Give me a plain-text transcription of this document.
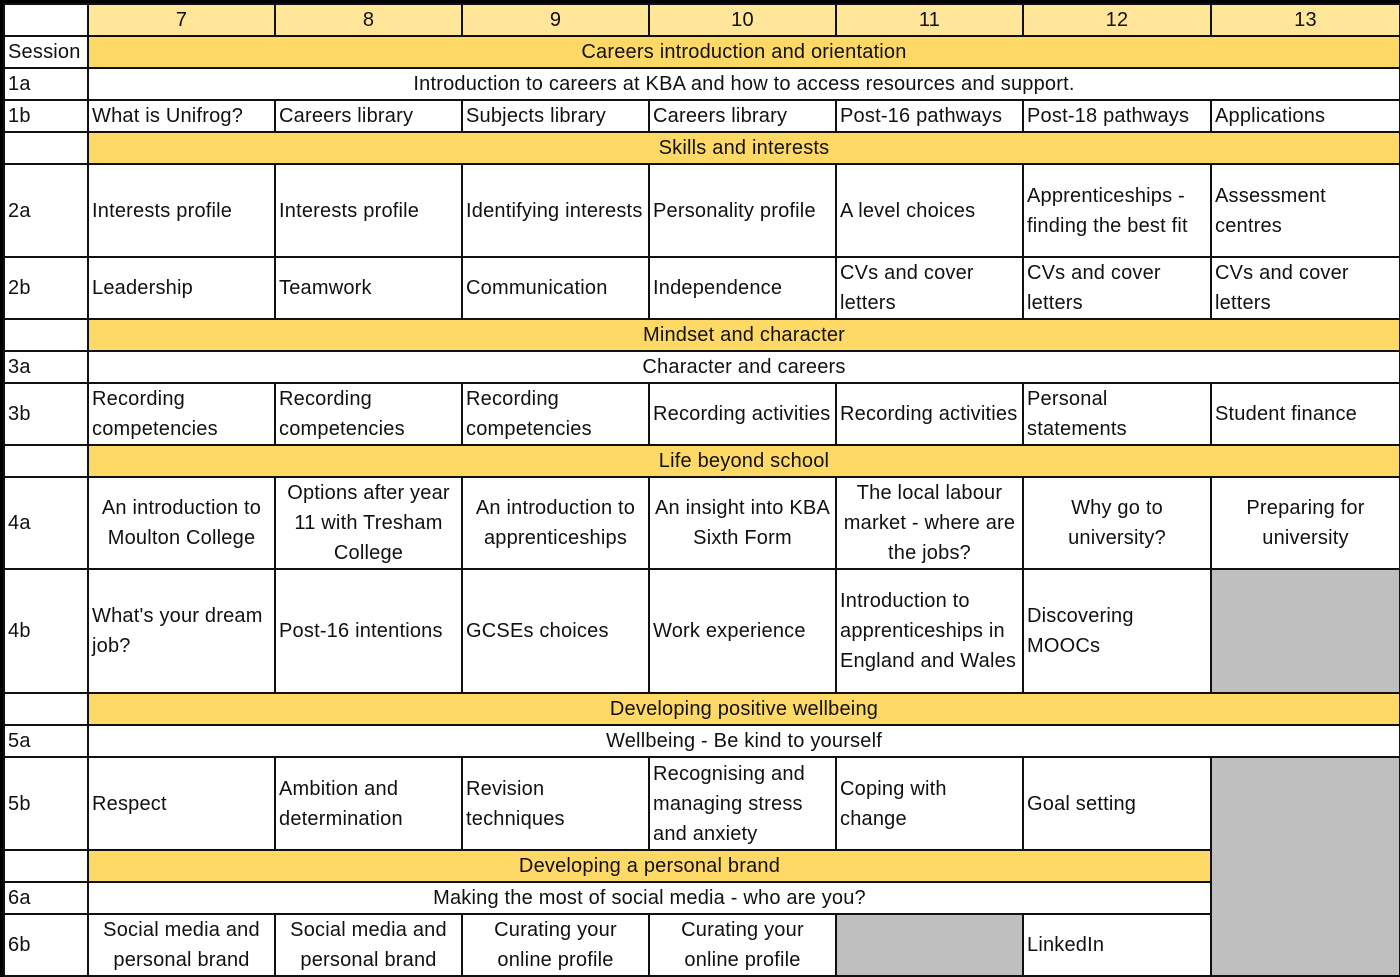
	7	8	9	10	11	12	13
Session	Careers introduction and orientation						
1a	Introduction to careers at KBA and how to access resources and support.						
1b	What is Unifrog?	Careers library	Subjects library	Careers library	Post-16 pathways	Post-18 pathways	Applications
	Skills and interests						
2a	Interests profile	Interests profile	Identifying interests	Personality profile	A level choices	Apprenticeships - finding the best fit	Assessment centres
2b	Leadership	Teamwork	Communication	Independence	CVs and cover letters	CVs and cover letters	CVs and cover letters
	Mindset and character						
3a	Character and careers						
3b	Recording competencies	Recording competencies	Recording competencies	Recording activities	Recording activities	Personal statements	Student finance
	Life beyond school						
4a	An introduction to Moulton College	Options after year 11 with Tresham College	An introduction to apprenticeships	An insight into KBA Sixth Form	The local labour market - where are the jobs?	Why go to university?	Preparing for university
4b	What's your dream job?	Post-16 intentions	GCSEs choices	Work experience	Introduction to apprenticeships in England and Wales	Discovering MOOCs	
	Developing positive wellbeing						
5a	Wellbeing - Be kind to yourself						
5b	Respect	Ambition and determination	Revision techniques	Recognising and managing stress and anxiety	Coping with change	Goal setting	
	Developing a personal brand						
6a	Making the most of social media - who are you?						
6b	Social media and personal brand	Social media and personal brand	Curating your online profile	Curating your online profile		LinkedIn	
